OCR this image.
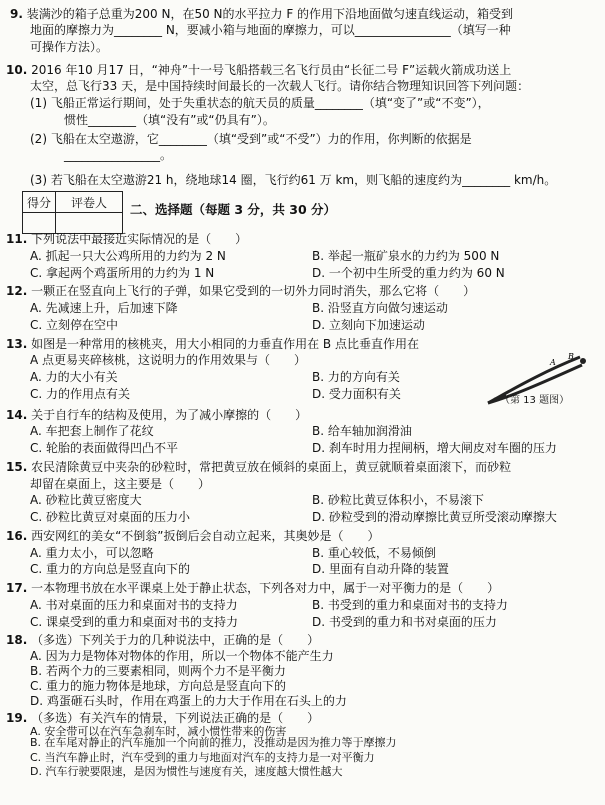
9. 装满沙的箱子总重为200 N，在50 N的水平拉力 F 的作用下沿地面做匀速直线运动，箱受到
地面的摩擦力为________ N，要减小箱与地面的摩擦力，可以________________（填写一种
可操作方法）。
10. 2016 年10 月17 日，“神舟”十一号飞船搭载三名飞行员由“长征二号 F”运载火箭成功送上
太空，总飞行33 天，是中国持续时间最长的一次载人飞行。请你结合物理知识回答下列问题：
(1) 飞船正常运行期间，处于失重状态的航天员的质量________（填“变了”或“不变”），
惯性________（填“没有”或“仍具有”）。
(2) 飞船在太空遨游，它________（填“受到”或“不受”）力的作用，你判断的依据是
________________。
(3) 若飞船在太空遨游21 h，绕地球14 圈，飞行约61 万 km，则飞船的速度约为________ km/h。
得分	评卷人
	二、选择题（每题 3 分，共 30 分）
11. 下列说法中最接近实际情况的是（　　）
A. 抓起一只大公鸡所用的力约为 2 N	B. 举起一瓶矿泉水的力约为 500 N
C. 拿起两个鸡蛋所用的力约为 1 N	D. 一个初中生所受的重力约为 60 N
12. 一颗正在竖直向上飞行的子弹，如果它受到的一切外力同时消失，那么它将（　　）
A. 先减速上升，后加速下降	B. 沿竖直方向做匀速运动
C. 立刻停在空中	D. 立刻向下加速运动
13. 如图是一种常用的核桃夹，用大小相同的力垂直作用在 B 点比垂直作用在
A 点更易夹碎核桃，这说明力的作用效果与（　　）
A. 力的大小有关	B. 力的方向有关
C. 力的作用点有关	D. 受力面积有关
A
B
（第 13 题图）
14. 关于自行车的结构及使用，为了减小摩擦的（　　）
A. 车把套上制作了花纹	B. 给车轴加润滑油
C. 轮胎的表面做得凹凸不平	D. 刹车时用力捏闸柄，增大闸皮对车圈的压力
15. 农民清除黄豆中夹杂的砂粒时，常把黄豆放在倾斜的桌面上，黄豆就顺着桌面滚下，而砂粒
却留在桌面上，这主要是（　　）
A. 砂粒比黄豆密度大	B. 砂粒比黄豆体积小，不易滚下
C. 砂粒比黄豆对桌面的压力小	D. 砂粒受到的滑动摩擦比黄豆所受滚动摩擦大
16. 西安网红的美女“不倒翁”扳倒后会自动立起来，其奥妙是（　　）
A. 重力太小，可以忽略	B. 重心较低，不易倾倒
C. 重力的方向总是竖直向下的	D. 里面有自动升降的装置
17. 一本物理书放在水平课桌上处于静止状态，下列各对力中，属于一对平衡力的是（　　）
A. 书对桌面的压力和桌面对书的支持力	B. 书受到的重力和桌面对书的支持力
C. 课桌受到的重力和桌面对书的支持力	D. 书受到的重力和书对桌面的压力
18. （多选）下列关于力的几种说法中，正确的是（　　）
A. 因为力是物体对物体的作用，所以一个物体不能产生力
B. 若两个力的三要素相同，则两个力不是平衡力
C. 重力的施力物体是地球，方向总是竖直向下的
D. 鸡蛋砸石头时，作用在鸡蛋上的力大于作用在石头上的力
19. （多选）有关汽车的情景，下列说法正确的是（　　）
A. 安全带可以在汽车急刹车时，减小惯性带来的伤害
B. 在车尾对静止的汽车施加一个向前的推力，没推动是因为推力等于摩擦力
C. 当汽车静止时，汽车受到的重力与地面对汽车的支持力是一对平衡力
D. 汽车行驶要限速，是因为惯性与速度有关，速度越大惯性越大
